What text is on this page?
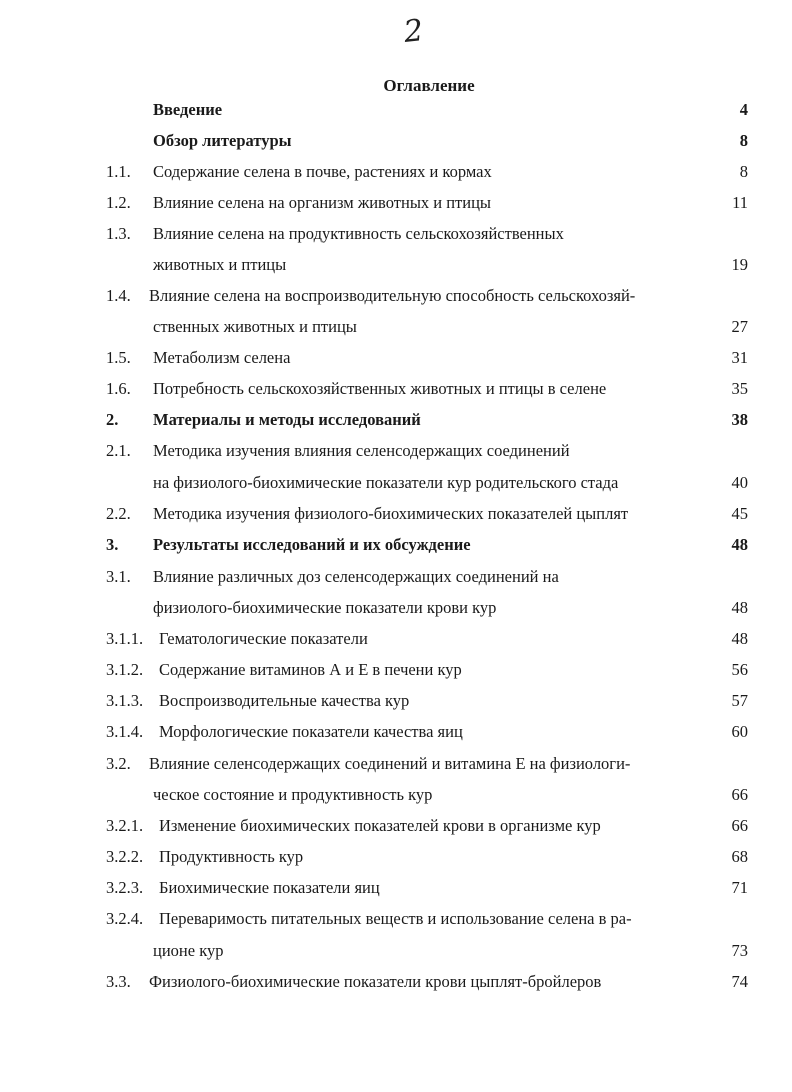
2
Оглавление
Введение	4
Обзор литературы	8
1.1. Содержание селена в почве, растениях и кормах	8
1.2. Влияние селена на организм животных и птицы	11
1.3. Влияние селена на продуктивность сельскохозяйственных
животных и птицы	19
1.4. Влияние селена на воспроизводительную способность сельскохозяй-
ственных животных и птицы	27
1.5. Метаболизм селена	31
1.6. Потребность сельскохозяйственных животных и птицы в селене	35
2. Материалы и методы исследований	38
2.1. Методика изучения влияния селенсодержащих соединений
на физиолого-биохимические показатели кур родительского стада	40
2.2. Методика изучения физиолого-биохимических показателей цыплят	45
3. Результаты исследований и их обсуждение	48
3.1. Влияние различных доз селенсодержащих соединений на
физиолого-биохимические показатели крови кур	48
3.1.1. Гематологические показатели	48
3.1.2. Содержание витаминов А и Е в печени кур	56
3.1.3. Воспроизводительные качества кур	57
3.1.4. Морфологические показатели качества яиц	60
3.2. Влияние селенсодержащих соединений и витамина Е на физиологи-
ческое состояние и продуктивность кур	66
3.2.1. Изменение биохимических показателей крови в организме кур	66
3.2.2. Продуктивность кур	68
3.2.3. Биохимические показатели яиц	71
3.2.4. Переваримость питательных веществ и использование селена в ра-
ционе кур	73
3.3. Физиолого-биохимические показатели крови цыплят-бройлеров	74
